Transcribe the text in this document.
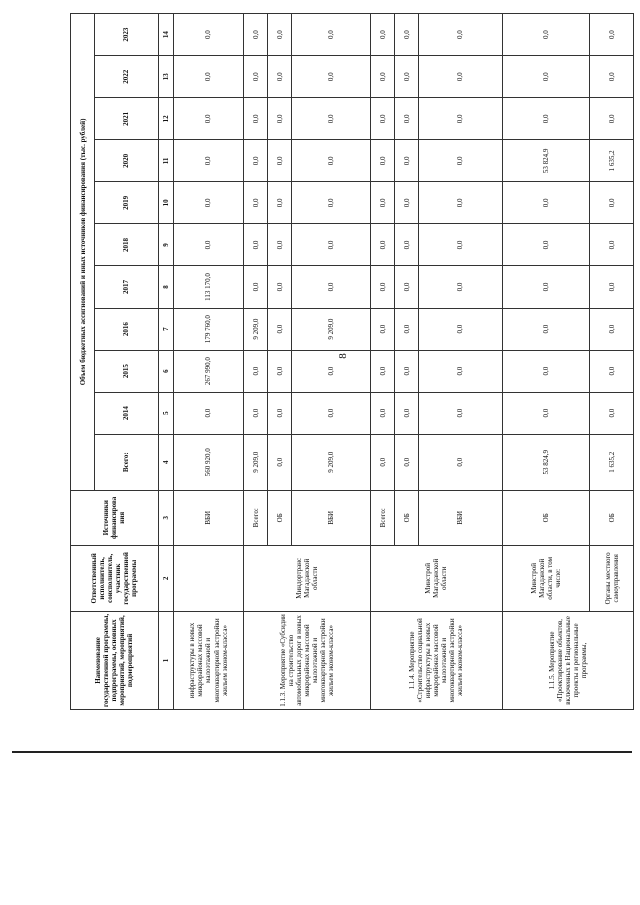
8
Наименование государственной программы, подпрограммы, основных мероприятий, мероприятий, подмероприятий	Ответственный исполнитель, соисполнитель, участник государственной программы	Источники финансирова ния	Объем бюджетных ассигнований и иных источников финансирования (тыс. рублей)										
			Всего:	2014	2015	2016	2017	2018	2019	2020	2021	2022	2023
1	2	3	4	5	6	7	8	9	10	11	12	13	14
инфраструктуры в новых микрорайонах массовой малоэтажной и многоквартирной застройки жильем эконом-класса»		ВБИ	560 920,0	0,0	267 990,0	179 760,0	113 170,0	0,0	0,0	0,0	0,0	0,0	0,0
1.1.3. Мероприятие «Субсидии на строительство автомобильных дорог в новых микрорайонах массовой малоэтажной и многоквартирной застройки жильем эконом-класса»	Миндортранс Магаданской области	Всего:	9 209,0	0,0	0,0	9 209,0	0,0	0,0	0,0	0,0	0,0	0,0	0,0
		ОБ	0,0	0,0	0,0	0,0	0,0	0,0	0,0	0,0	0,0	0,0	0,0
		ВБИ	9 209,0	0,0	0,0	9 209,0	0,0	0,0	0,0	0,0	0,0	0,0	0,0
1.1.4. Мероприятие «Строительство социальной инфраструктуры в новых микрорайонах массовой малоэтажной и многоквартирной застройки жильем эконом-класса»	Минстрой Магаданской области	Всего:	0,0	0,0	0,0	0,0	0,0	0,0	0,0	0,0	0,0	0,0	0,0
		ОБ	0,0	0,0	0,0	0,0	0,0	0,0	0,0	0,0	0,0	0,0	0,0
		ВБИ	0,0	0,0	0,0	0,0	0,0	0,0	0,0	0,0	0,0	0,0	0,0
1.1.5. Мероприятие «Проектирование объектов, включенных в Национальные проекты и региональные программы,	Минстрой Магаданской области, в том числе:	ОБ	53 824,9	0,0	0,0	0,0	0,0	0,0	0,0	53 824,9	0,0	0,0	0,0
	Органы местного самоуправления	ОБ	1 635,2	0,0	0,0	0,0	0,0	0,0	0,0	1 635,2	0,0	0,0	0,0
